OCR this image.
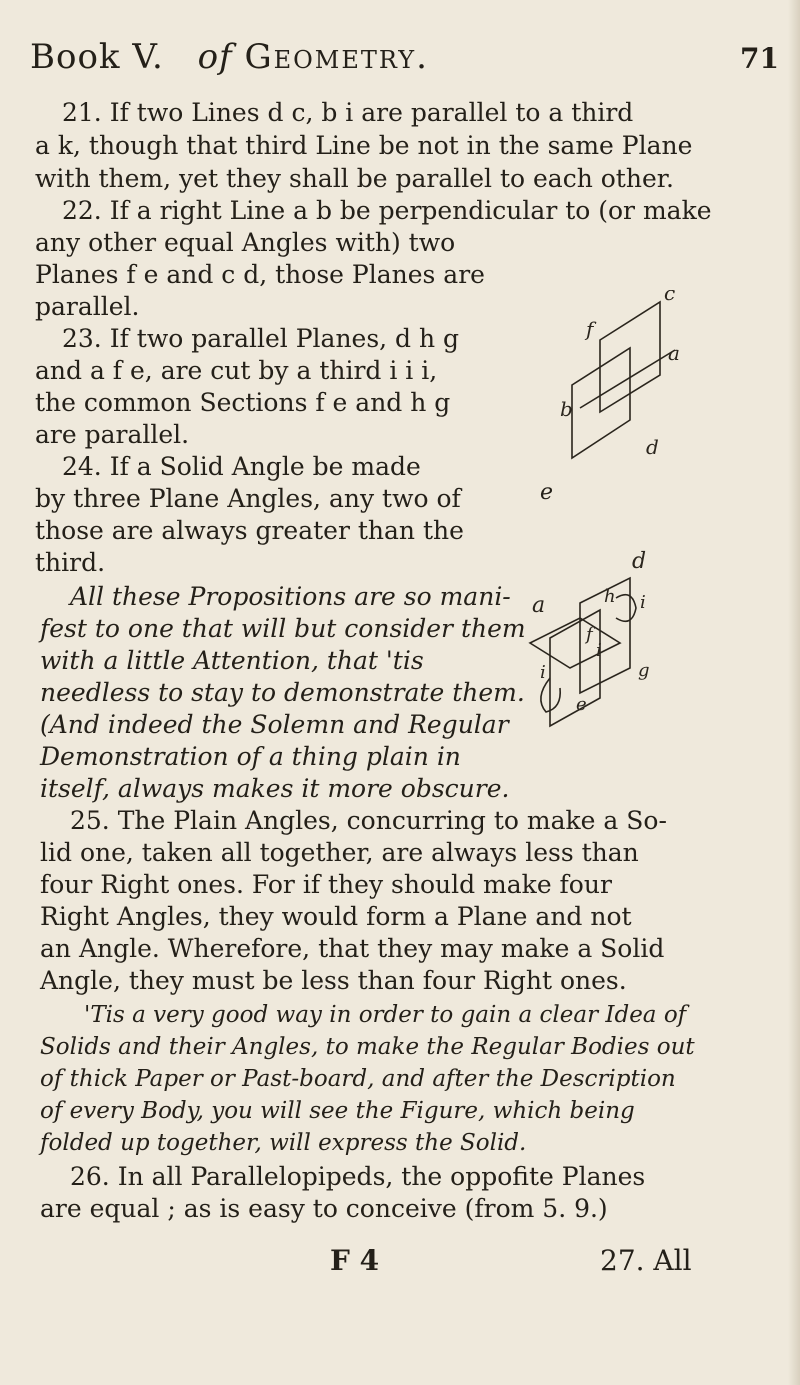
Book V. of Geometry.	71
21. If two Lines d c, b i are parallel to a third
a k, though that third Line be not in the same Plane
with them, yet they shall be parallel to each other.
22. If a right Line a b be perpendicular to (or make
any other equal Angles with) two
Planes f e and c d, those Planes are
parallel.
23. If two parallel Planes, d h g
and a f e, are cut by a third i i i,
the common Sections f e and h g
are parallel.
24. If a Solid Angle be made
by three Plane Angles, any two of
those are always greater than the
third.
All these Propositions are so mani-
fest to one that will but consider them
with a little Attention, that 'tis
needless to stay to demonstrate them.
(And indeed the Solemn and Regular
Demonstration of a thing plain in
itself, always makes it more obscure.
25. The Plain Angles, concurring to make a So-
lid one, taken all together, are always less than
four Right ones. For if they should make four
Right Angles, they would form a Plane and not
an Angle. Wherefore, that they may make a Solid
Angle, they must be less than four Right ones.
'Tis a very good way in order to gain a clear Idea of
Solids and their Angles, to make the Regular Bodies out
of thick Paper or Past-board, and after the Description
of every Body, you will see the Figure, which being
folded up together, will express the Solid.
26. In all Parallelopipeds, the oppofite Planes
are equal ; as is easy to conceive (from 5. 9.)
F 4	27. All
c
f
a
b
d
e
d
a	h i
f
i
g
i
e
